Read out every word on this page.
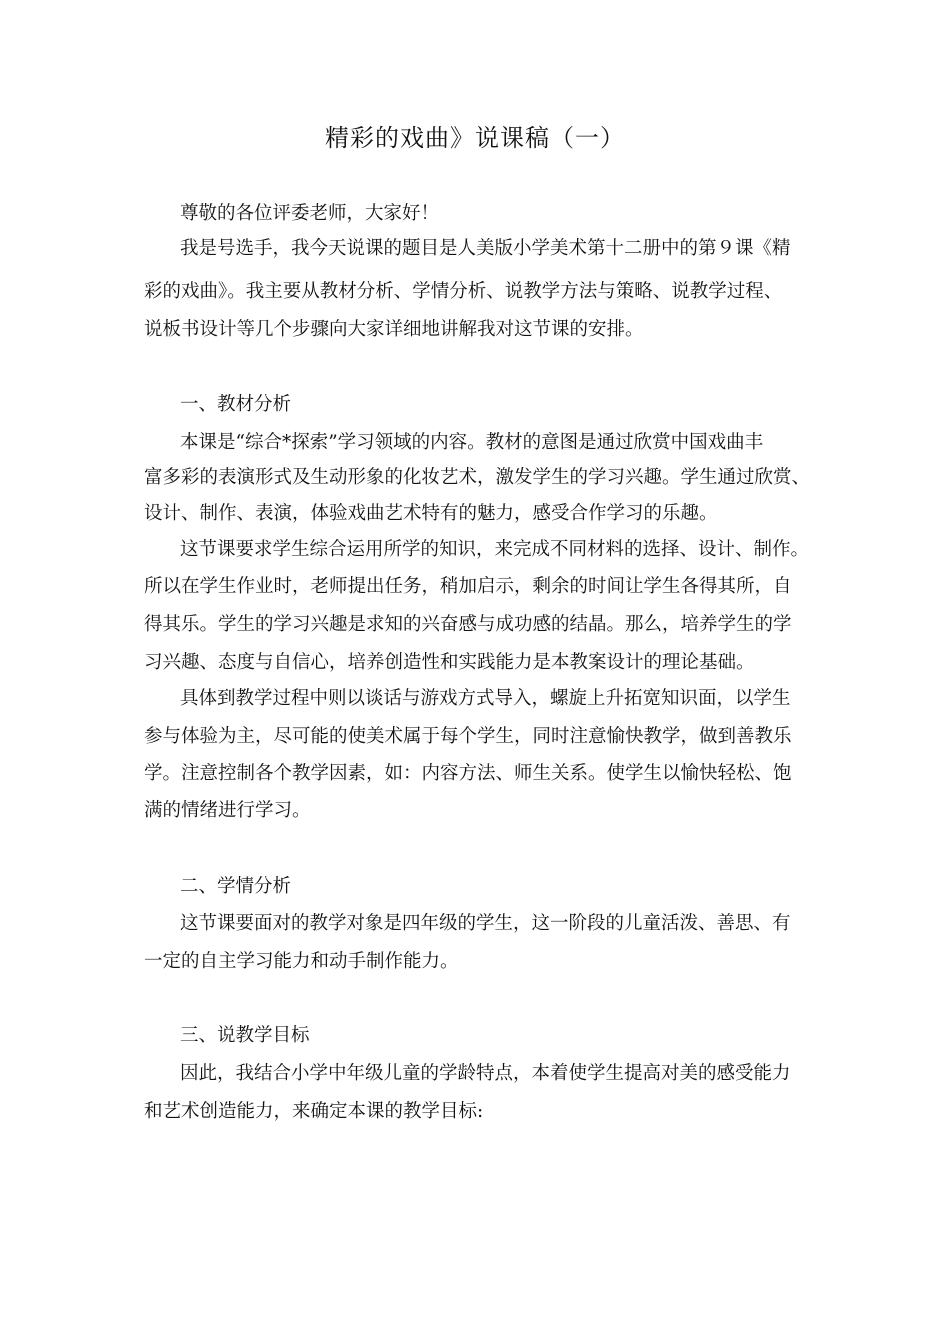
精彩的戏曲》说课稿（一）
尊敬的各位评委老师，大家好！
我是号选手，我今天说课的题目是人美版小学美术第十二册中的第９课《精
彩的戏曲》。我主要从教材分析、学情分析、说教学方法与策略、说教学过程、
说板书设计等几个步骤向大家详细地讲解我对这节课的安排。
一、教材分析
本课是“综合*探索”学习领域的内容。教材的意图是通过欣赏中国戏曲丰
富多彩的表演形式及生动形象的化妆艺术，激发学生的学习兴趣。学生通过欣赏、
设计、制作、表演，体验戏曲艺术特有的魅力，感受合作学习的乐趣。
这节课要求学生综合运用所学的知识，来完成不同材料的选择、设计、制作。
所以在学生作业时，老师提出任务，稍加启示，剩余的时间让学生各得其所，自
得其乐。学生的学习兴趣是求知的兴奋感与成功感的结晶。那么，培养学生的学
习兴趣、态度与自信心，培养创造性和实践能力是本教案设计的理论基础。
具体到教学过程中则以谈话与游戏方式导入，螺旋上升拓宽知识面，以学生
参与体验为主，尽可能的使美术属于每个学生，同时注意愉快教学，做到善教乐
学。注意控制各个教学因素，如：内容方法、师生关系。使学生以愉快轻松、饱
满的情绪进行学习。
二、学情分析
这节课要面对的教学对象是四年级的学生，这一阶段的儿童活泼、善思、有
一定的自主学习能力和动手制作能力。
三、说教学目标
因此，我结合小学中年级儿童的学龄特点，本着使学生提高对美的感受能力
和艺术创造能力，来确定本课的教学目标:
